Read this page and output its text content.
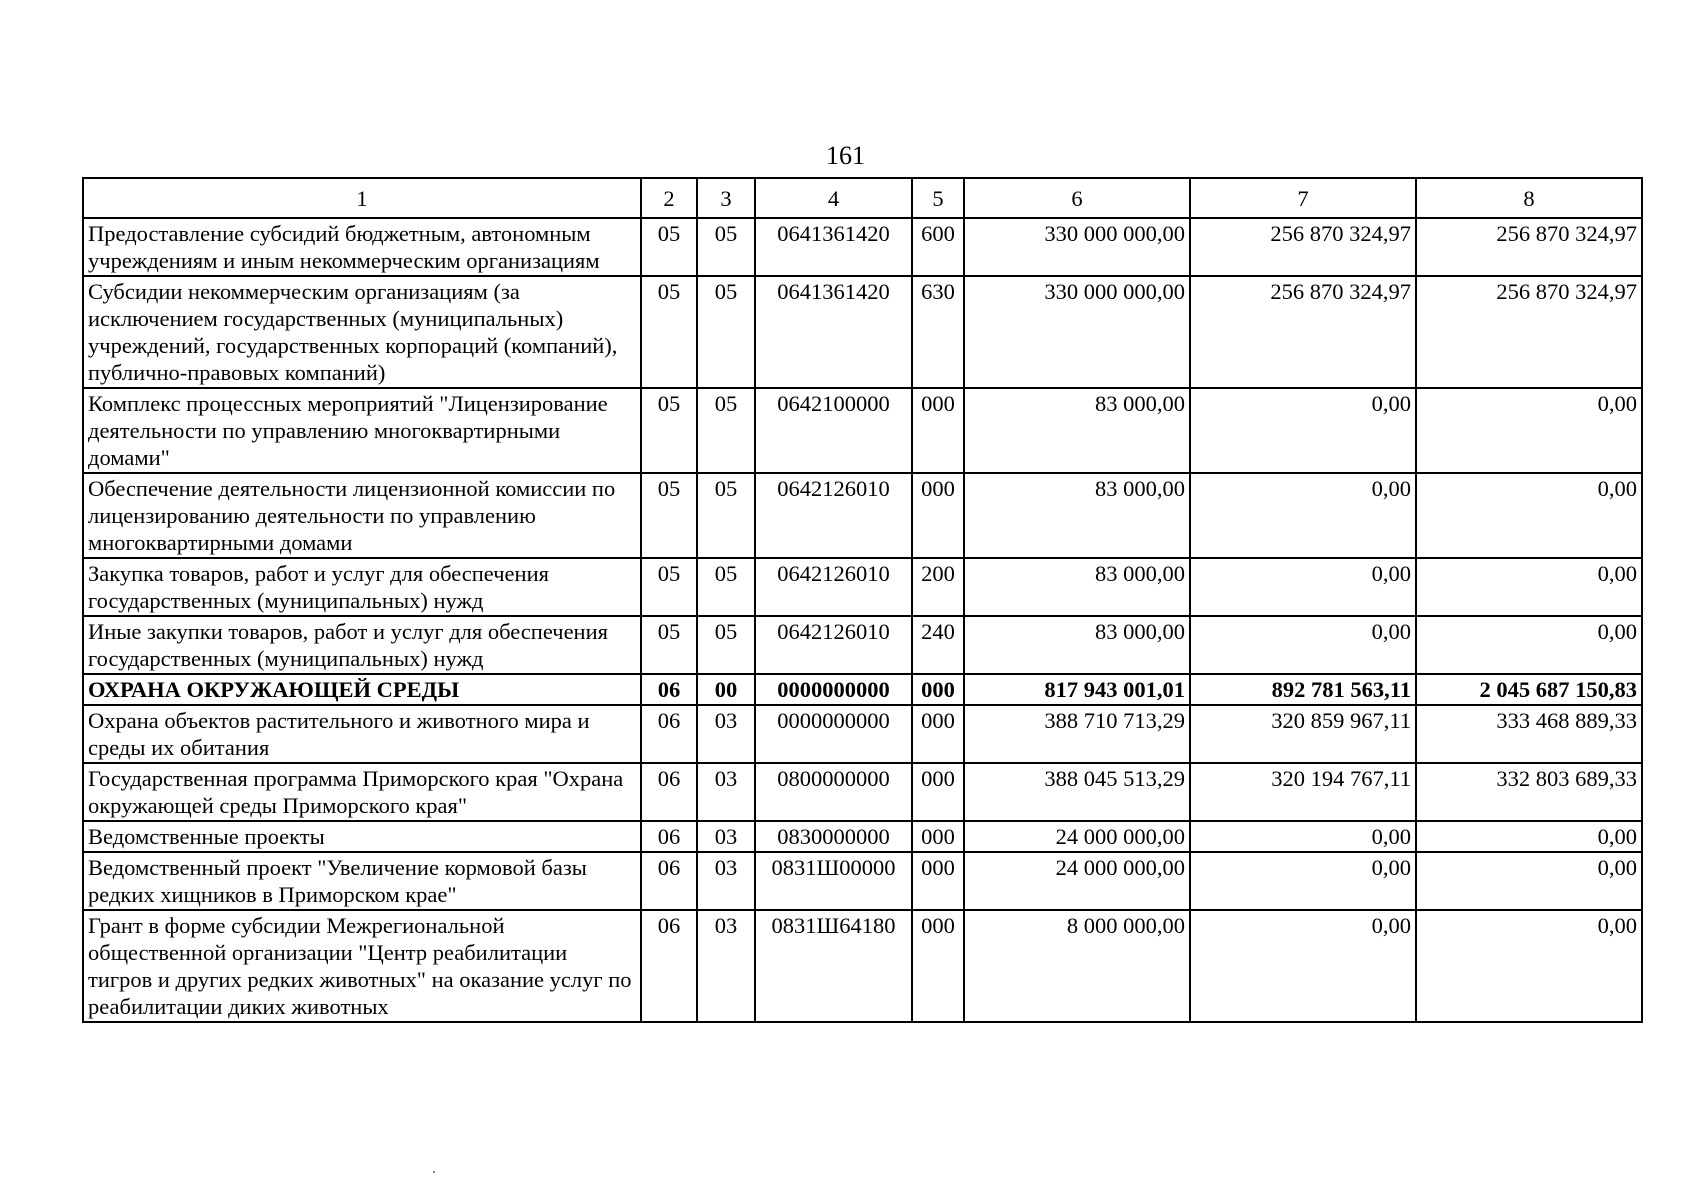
161
1	2	3	4	5	6	7	8
Предоставление субсидий бюджетным, автономным учреждениям и иным некоммерческим организациям	05	05	0641361420	600	330 000 000,00	256 870 324,97	256 870 324,97
Субсидии некоммерческим организациям (за исключением государственных (муниципальных) учреждений, государственных корпораций (компаний), публично-правовых компаний)	05	05	0641361420	630	330 000 000,00	256 870 324,97	256 870 324,97
Комплекс процессных мероприятий "Лицензирование деятельности по управлению многоквартирными домами"	05	05	0642100000	000	83 000,00	0,00	0,00
Обеспечение деятельности лицензионной комиссии по лицензированию деятельности по управлению многоквартирными домами	05	05	0642126010	000	83 000,00	0,00	0,00
Закупка товаров, работ и услуг для обеспечения государственных (муниципальных) нужд	05	05	0642126010	200	83 000,00	0,00	0,00
Иные закупки товаров, работ и услуг для обеспечения государственных (муниципальных) нужд	05	05	0642126010	240	83 000,00	0,00	0,00
ОХРАНА ОКРУЖАЮЩЕЙ СРЕДЫ	06	00	0000000000	000	817 943 001,01	892 781 563,11	2 045 687 150,83
Охрана объектов растительного и животного мира и среды их обитания	06	03	0000000000	000	388 710 713,29	320 859 967,11	333 468 889,33
Государственная программа Приморского края "Охрана окружающей среды Приморского края"	06	03	0800000000	000	388 045 513,29	320 194 767,11	332 803 689,33
Ведомственные проекты	06	03	0830000000	000	24 000 000,00	0,00	0,00
Ведомственный проект "Увеличение кормовой базы редких хищников в Приморском крае"	06	03	0831Ш00000	000	24 000 000,00	0,00	0,00
Грант в форме субсидии Межрегиональной общественной организации "Центр реабилитации тигров и других редких животных" на оказание услуг по реабилитации диких животных	06	03	0831Ш64180	000	8 000 000,00	0,00	0,00
